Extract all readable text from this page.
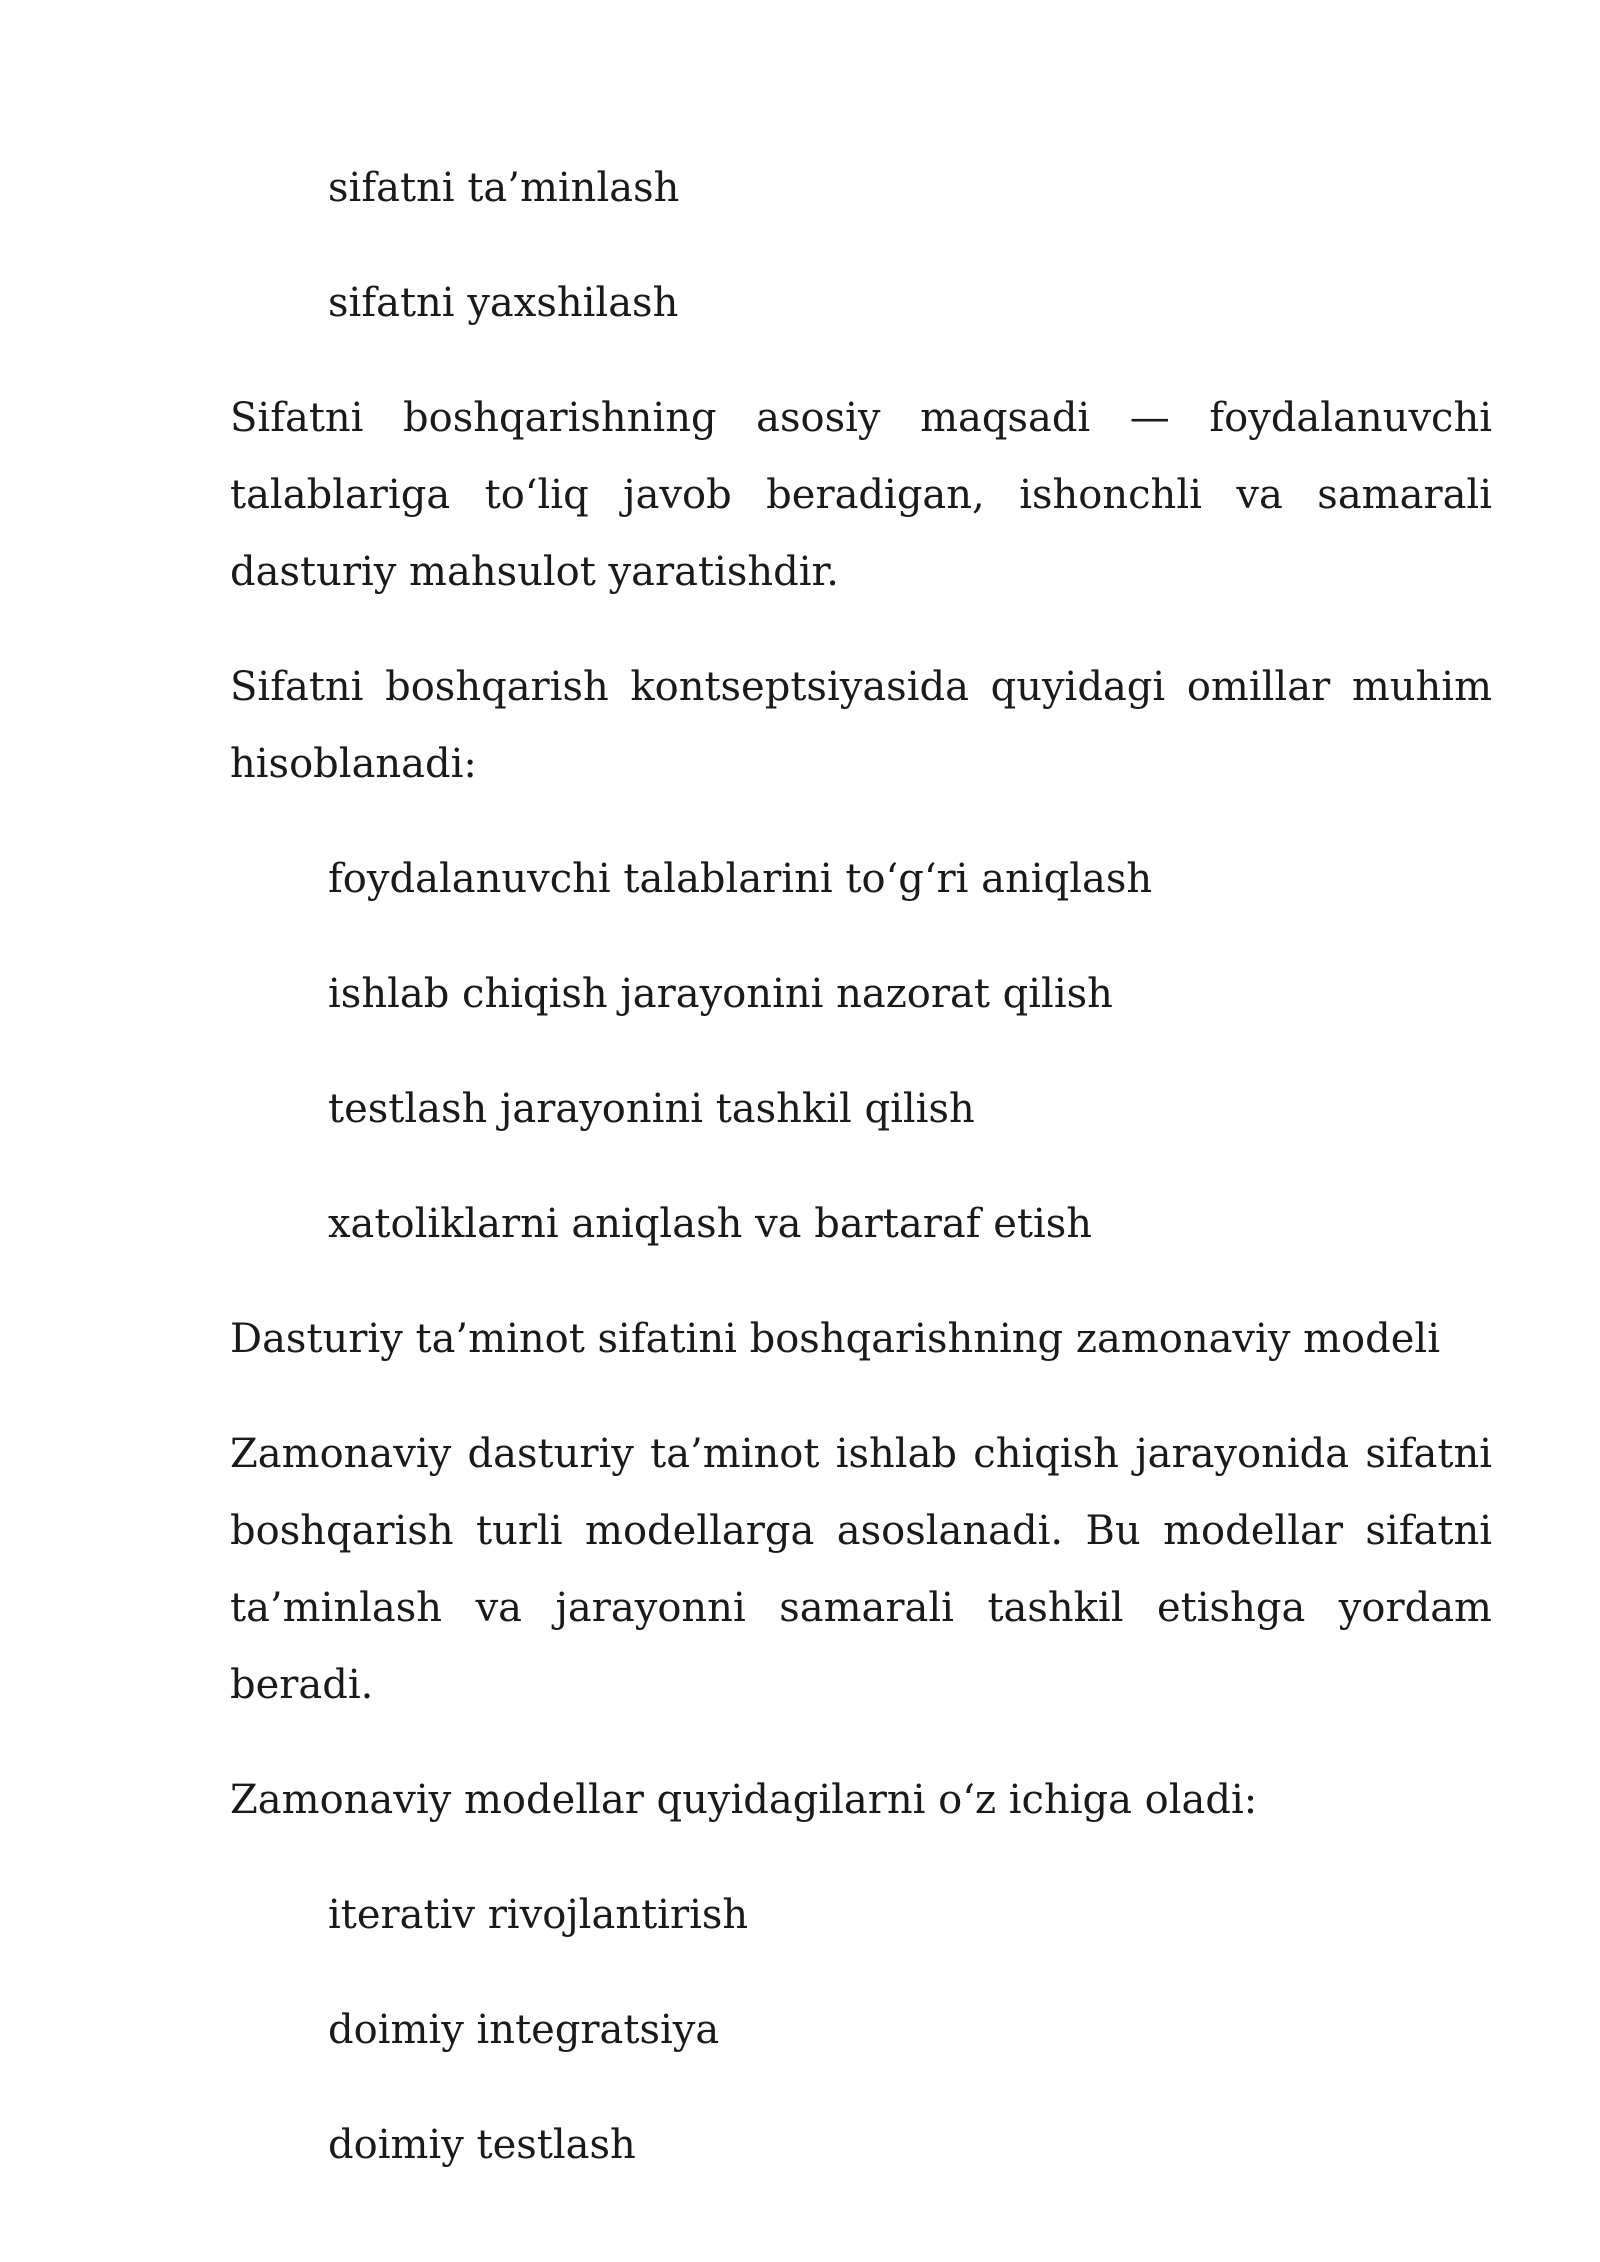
sifatni ta’minlash

sifatni yaxshilash

Sifatni boshqarishning asosiy maqsadi — foydalanuvchi talablariga to‘liq javob beradigan, ishonchli va samarali dasturiy mahsulot yaratishdir.

Sifatni boshqarish kontseptsiyasida quyidagi omillar muhim hisoblanadi:

foydalanuvchi talablarini to‘g‘ri aniqlash

ishlab chiqish jarayonini nazorat qilish

testlash jarayonini tashkil qilish

xatoliklarni aniqlash va bartaraf etish

Dasturiy ta’minot sifatini boshqarishning zamonaviy modeli

Zamonaviy dasturiy ta’minot ishlab chiqish jarayonida sifatni boshqarish turli modellarga asoslanadi. Bu modellar sifatni ta’minlash va jarayonni samarali tashkil etishga yordam beradi.

Zamonaviy modellar quyidagilarni o‘z ichiga oladi:

iterativ rivojlantirish

doimiy integratsiya

doimiy testlash
